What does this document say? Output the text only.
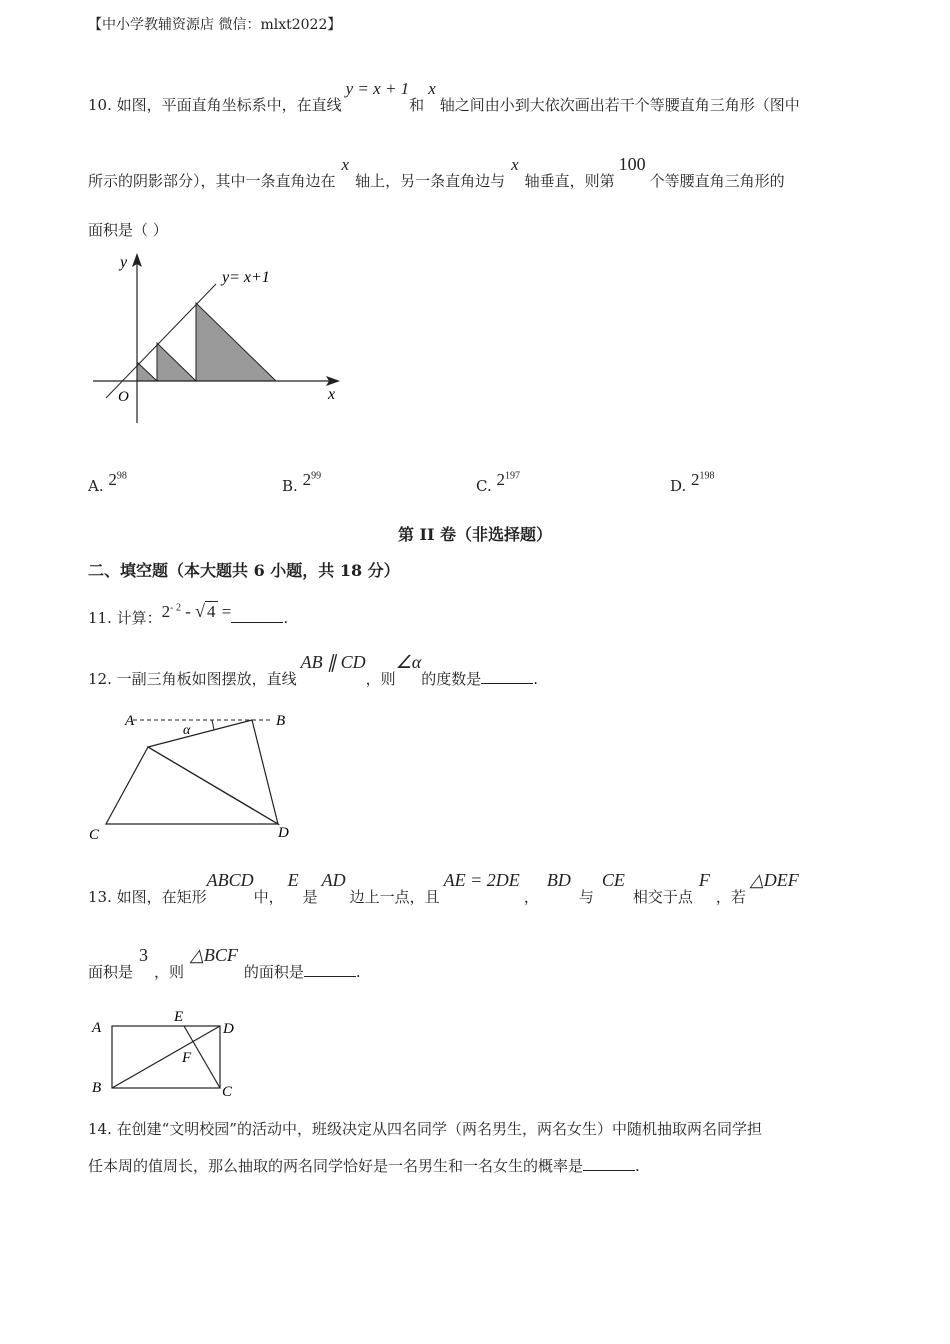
【中小学教辅资源店 微信：mlxt2022】
10. 如图，平面直角坐标系中，在直线y = x + 1和x轴之间由小到大依次画出若干个等腰直角三角形（图中
所示的阴影部分），其中一条直角边在x轴上，另一条直角边与x轴垂直，则第100个等腰直角三角形的
面积是（ ）
y
x
O
y= x+1
A. $2^{98}$
B. $2^{99}$
C. $2^{197}$
D. $2^{198}$
第 II 卷（非选择题）
二、填空题（本大题共 6 小题，共 18 分）
11. 计算：$2^{- 2}$ - √ 4 =	.
12. 一副三角板如图摆放，直线AB ∥ CD，则∠α的度数是	.
A	B
C	D
α
13. 如图，在矩形ABCD中，E是AD边上一点，且AE = 2DE，BD与CE相交于点F，若△DEF
面积是3，则△BCF的面积是	.
A	D
B	C
E
F
14. 在创建“文明校园”的活动中，班级决定从四名同学（两名男生，两名女生）中随机抽取两名同学担
任本周的值周长，那么抽取的两名同学恰好是一名男生和一名女生的概率是	.
